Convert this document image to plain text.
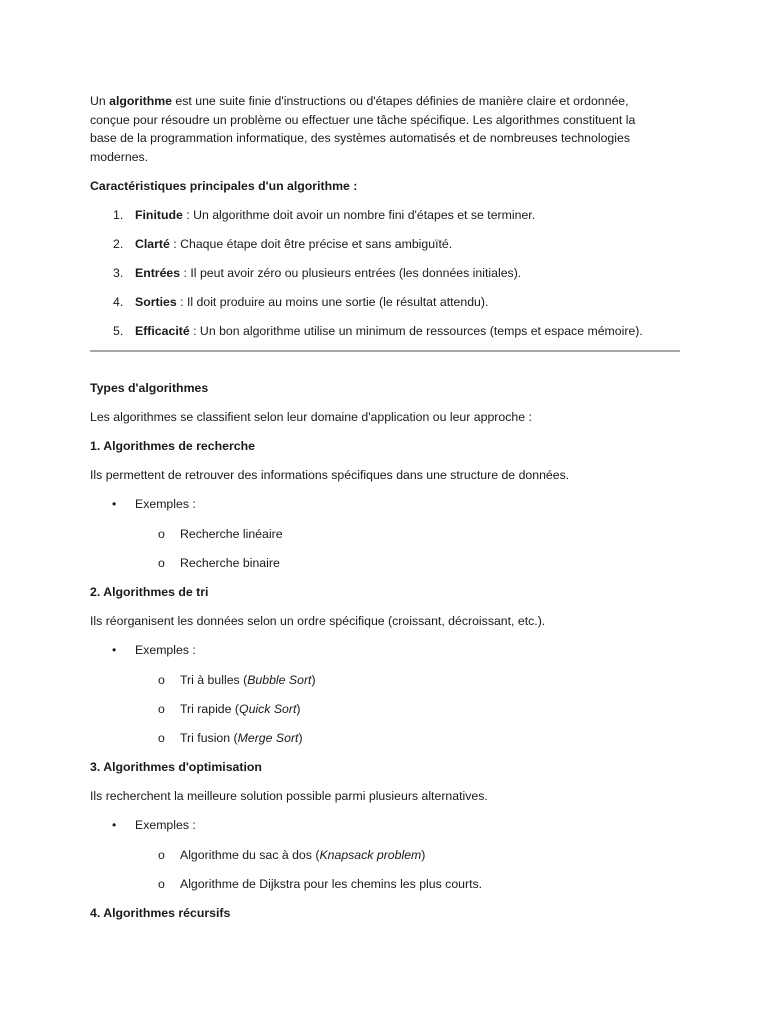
Un algorithme est une suite finie d'instructions ou d'étapes définies de manière claire et ordonnée,
conçue pour résoudre un problème ou effectuer une tâche spécifique. Les algorithmes constituent la
base de la programmation informatique, des systèmes automatisés et de nombreuses technologies
modernes.

Caractéristiques principales d'un algorithme :

1. Finitude : Un algorithme doit avoir un nombre fini d'étapes et se terminer.
2. Clarté : Chaque étape doit être précise et sans ambiguïté.
3. Entrées : Il peut avoir zéro ou plusieurs entrées (les données initiales).
4. Sorties : Il doit produire au moins une sortie (le résultat attendu).
5. Efficacité : Un bon algorithme utilise un minimum de ressources (temps et espace mémoire).

Types d'algorithmes

Les algorithmes se classifient selon leur domaine d'application ou leur approche :

1. Algorithmes de recherche

Ils permettent de retrouver des informations spécifiques dans une structure de données.

• Exemples :
o Recherche linéaire
o Recherche binaire

2. Algorithmes de tri

Ils réorganisent les données selon un ordre spécifique (croissant, décroissant, etc.).

• Exemples :
o Tri à bulles (Bubble Sort)
o Tri rapide (Quick Sort)
o Tri fusion (Merge Sort)

3. Algorithmes d'optimisation

Ils recherchent la meilleure solution possible parmi plusieurs alternatives.

• Exemples :
o Algorithme du sac à dos (Knapsack problem)
o Algorithme de Dijkstra pour les chemins les plus courts.

4. Algorithmes récursifs
